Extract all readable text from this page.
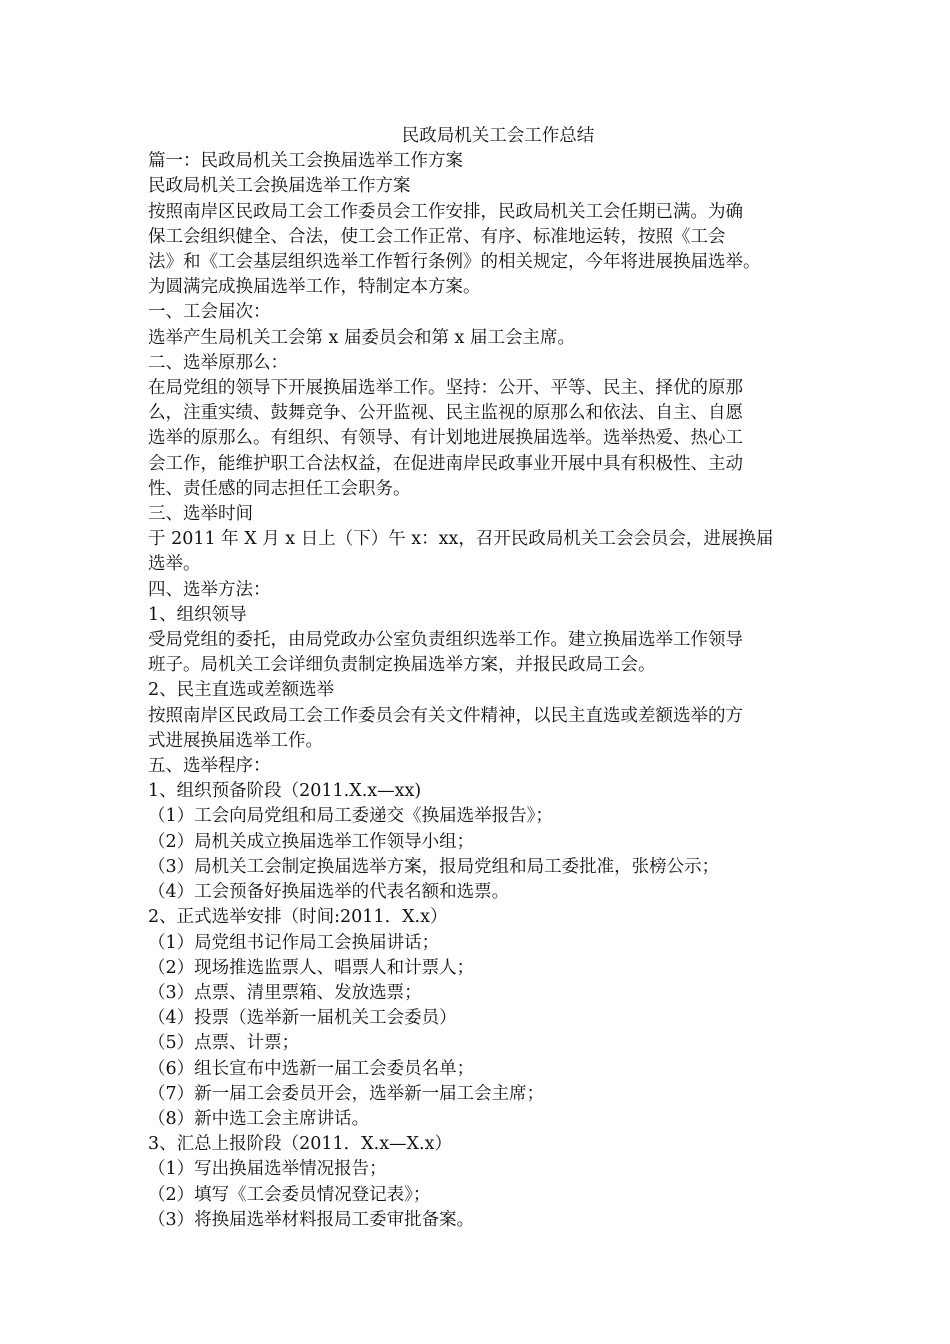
民政局机关工会工作总结
篇一：民政局机关工会换届选举工作方案
民政局机关工会换届选举工作方案
按照南岸区民政局工会工作委员会工作安排，民政局机关工会任期已满。为确
保工会组织健全、合法，使工会工作正常、有序、标准地运转，按照《工会
法》和《工会基层组织选举工作暂行条例》的相关规定，今年将进展换届选举。
为圆满完成换届选举工作，特制定本方案。
一、工会届次：
选举产生局机关工会第 x 届委员会和第 x 届工会主席。
二、选举原那么：
在局党组的领导下开展换届选举工作。坚持：公开、平等、民主、择优的原那
么，注重实绩、鼓舞竞争、公开监视、民主监视的原那么和依法、自主、自愿
选举的原那么。有组织、有领导、有计划地进展换届选举。选举热爱、热心工
会工作，能维护职工合法权益，在促进南岸民政事业开展中具有积极性、主动
性、责任感的同志担任工会职务。
三、选举时间
于 2011 年 X 月 x 日上（下）午 x：xx，召开民政局机关工会会员会，进展换届
选举。
四、选举方法：
1、组织领导
受局党组的委托，由局党政办公室负责组织选举工作。建立换届选举工作领导
班子。局机关工会详细负责制定换届选举方案，并报民政局工会。
2、民主直选或差额选举
按照南岸区民政局工会工作委员会有关文件精神，以民主直选或差额选举的方
式进展换届选举工作。
五、选举程序：
1、组织预备阶段（2011.X.x—xx)
（1）工会向局党组和局工委递交《换届选举报告》；
（2）局机关成立换届选举工作领导小组；
（3）局机关工会制定换届选举方案，报局党组和局工委批准，张榜公示；
（4）工会预备好换届选举的代表名额和选票。
2、正式选举安排（时间:2011．X.x）
（1）局党组书记作局工会换届讲话；
（2）现场推选监票人、唱票人和计票人；
（3）点票、清里票箱、发放选票；
（4）投票（选举新一届机关工会委员）
（5）点票、计票；
（6）组长宣布中选新一届工会委员名单；
（7）新一届工会委员开会，选举新一届工会主席；
（8）新中选工会主席讲话。
3、汇总上报阶段（2011．X.x—X.x）
（1）写出换届选举情况报告；
（2）填写《工会委员情况登记表》；
（3）将换届选举材料报局工委审批备案。
